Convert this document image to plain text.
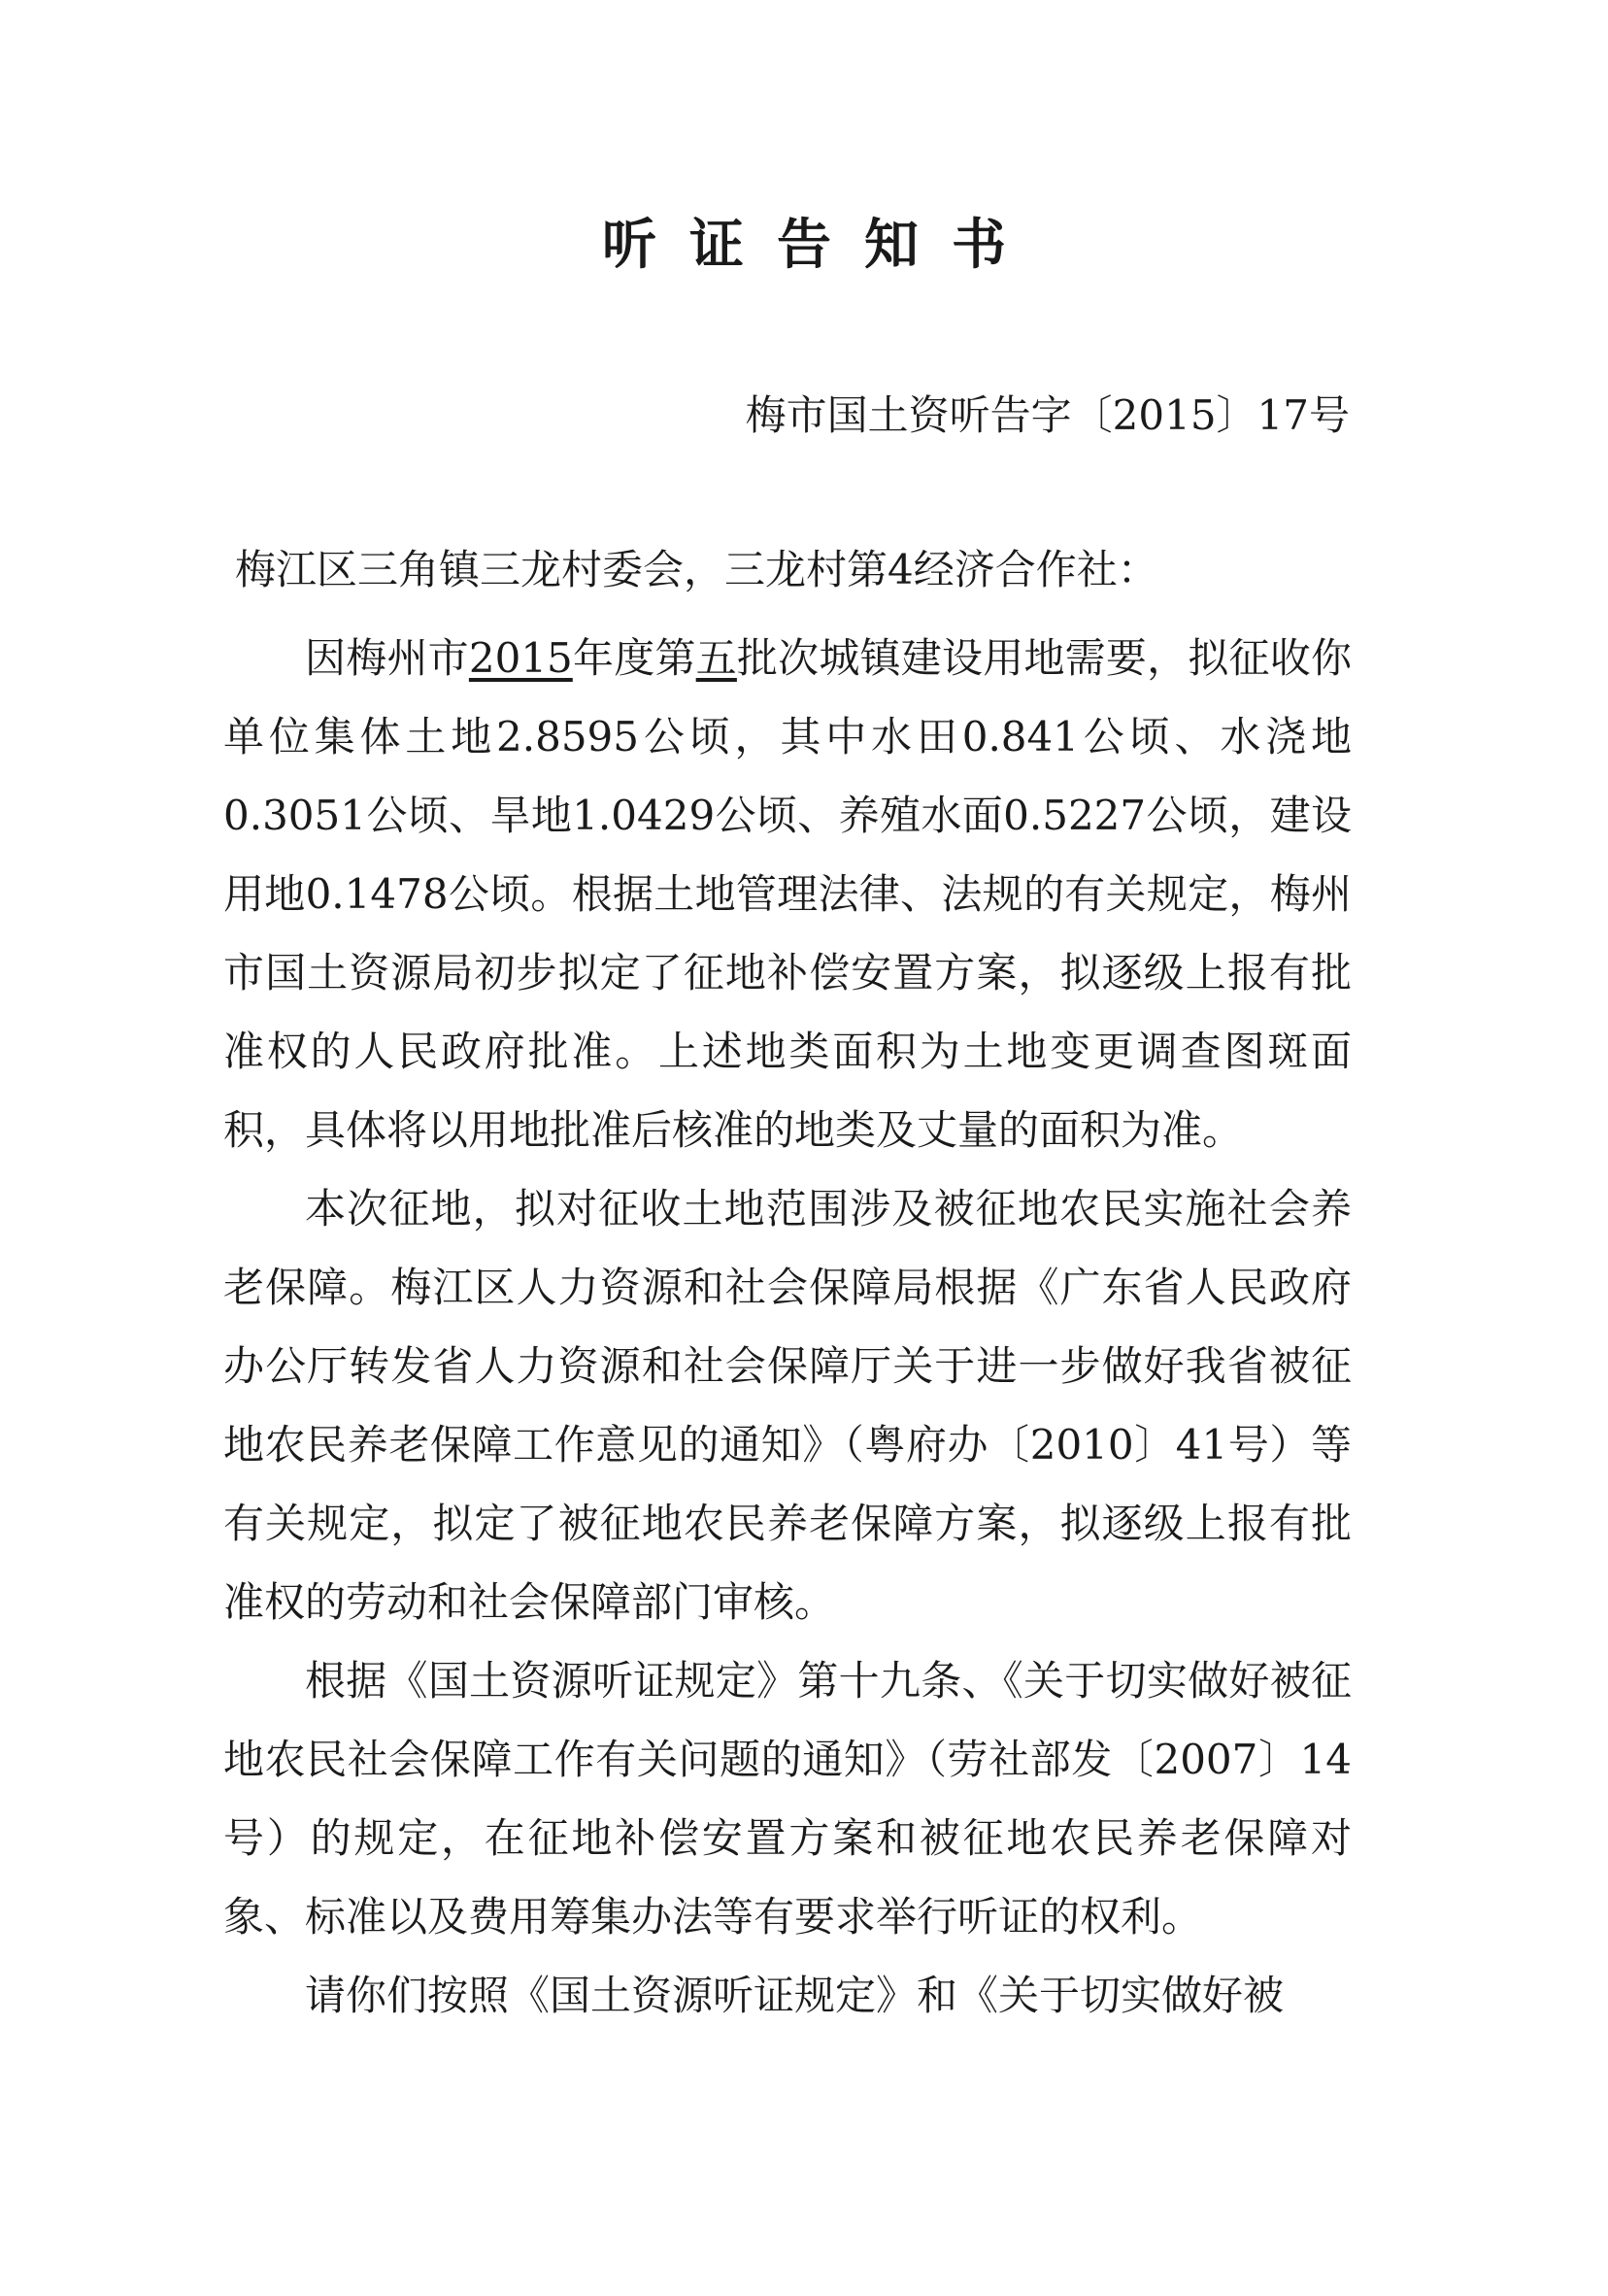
听证告知书
梅市国土资听告字〔2015〕17号
梅江区三角镇三龙村委会，三龙村第4经济合作社：

因梅州市2015年度第五批次城镇建设用地需要，拟征收你单位集体土地2.8595公顷，其中水田0.841公顷、水浇地0.3051公顷、旱地1.0429公顷、养殖水面0.5227公顷，建设用地0.1478公顷。根据土地管理法律、法规的有关规定，梅州市国土资源局初步拟定了征地补偿安置方案，拟逐级上报有批准权的人民政府批准。上述地类面积为土地变更调查图斑面积，具体将以用地批准后核准的地类及丈量的面积为准。

本次征地，拟对征收土地范围涉及被征地农民实施社会养老保障。梅江区人力资源和社会保障局根据《广东省人民政府办公厅转发省人力资源和社会保障厅关于进一步做好我省被征地农民养老保障工作意见的通知》（粤府办〔2010〕41号）等有关规定，拟定了被征地农民养老保障方案，拟逐级上报有批准权的劳动和社会保障部门审核。

根据《国土资源听证规定》第十九条、《关于切实做好被征地农民社会保障工作有关问题的通知》（劳社部发〔2007〕14号）的规定，在征地补偿安置方案和被征地农民养老保障对象、标准以及费用筹集办法等有要求举行听证的权利。

请你们按照《国土资源听证规定》和《关于切实做好被
